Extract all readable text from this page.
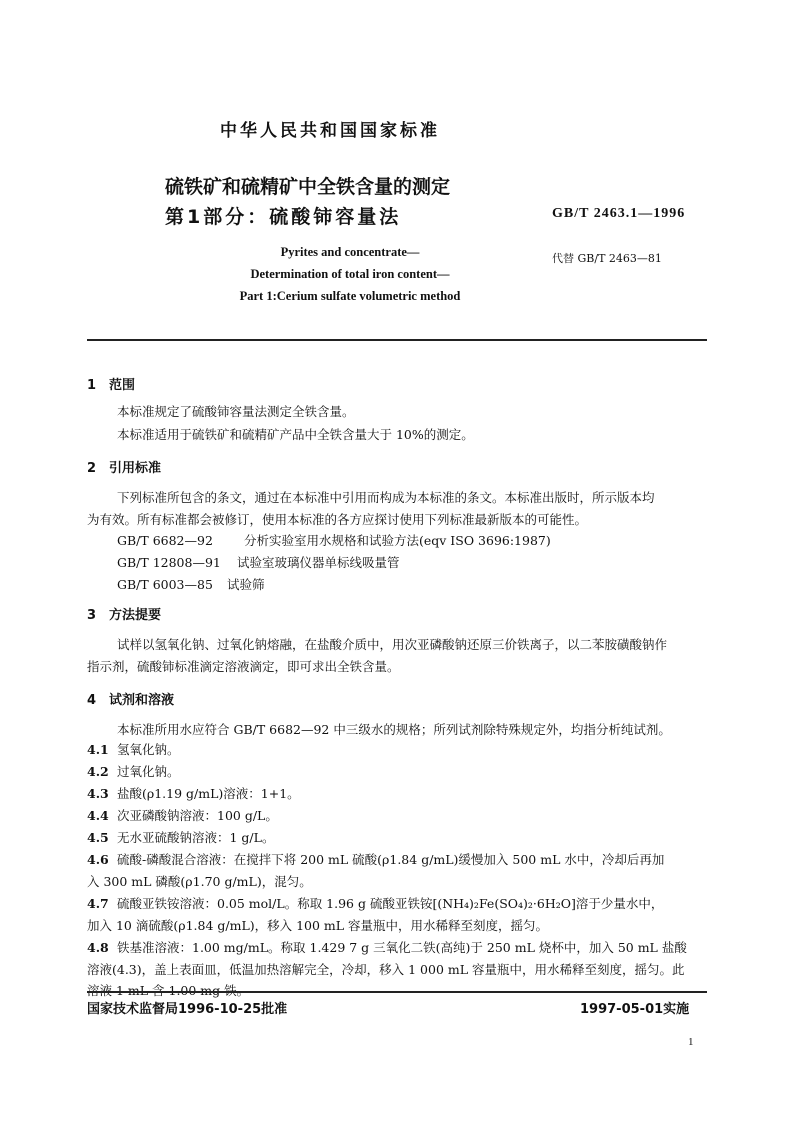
中华人民共和国国家标准
硫铁矿和硫精矿中全铁含量的测定
第1部分：硫酸铈容量法	GB/T 2463.1—1996
代替 GB/T 2463—81
Pyrites and concentrate—
Determination of total iron content—
Part 1:Cerium sulfate volumetric method
1 范围
本标准规定了硫酸铈容量法测定全铁含量。
本标准适用于硫铁矿和硫精矿产品中全铁含量大于 10%的测定。
2 引用标准
下列标准所包含的条文，通过在本标准中引用而构成为本标准的条文。本标准出版时，所示版本均
为有效。所有标准都会被修订，使用本标准的各方应探讨使用下列标准最新版本的可能性。
GB/T 6682—92 分析实验室用水规格和试验方法(eqv ISO 3696:1987)
GB/T 12808—91 试验室玻璃仪器单标线吸量管
GB/T 6003—85 试验筛
3 方法提要
试样以氢氧化钠、过氧化钠熔融，在盐酸介质中，用次亚磷酸钠还原三价铁离子，以二苯胺磺酸钠作
指示剂，硫酸铈标准滴定溶液滴定，即可求出全铁含量。
4 试剂和溶液
本标准所用水应符合 GB/T 6682—92 中三级水的规格；所列试剂除特殊规定外，均指分析纯试剂。
4.1 氢氧化钠。
4.2 过氧化钠。
4.3 盐酸(ρ1.19 g/mL)溶液：1+1。
4.4 次亚磷酸钠溶液：100 g/L。
4.5 无水亚硫酸钠溶液：1 g/L。
4.6 硫酸-磷酸混合溶液：在搅拌下将 200 mL 硫酸(ρ1.84 g/mL)缓慢加入 500 mL 水中，冷却后再加
入 300 mL 磷酸(ρ1.70 g/mL)，混匀。
4.7 硫酸亚铁铵溶液：0.05 mol/L。称取 1.96 g 硫酸亚铁铵[(NH₄)₂Fe(SO₄)₂·6H₂O]溶于少量水中，
加入 10 滴硫酸(ρ1.84 g/mL)，移入 100 mL 容量瓶中，用水稀释至刻度，摇匀。
4.8 铁基准溶液：1.00 mg/mL。称取 1.429 7 g 三氧化二铁(高纯)于 250 mL 烧杯中，加入 50 mL 盐酸
溶液(4.3)，盖上表面皿，低温加热溶解完全，冷却，移入 1 000 mL 容量瓶中，用水稀释至刻度，摇匀。此
国家技术监督局1996-10-25批准	1997-05-01实施
1
